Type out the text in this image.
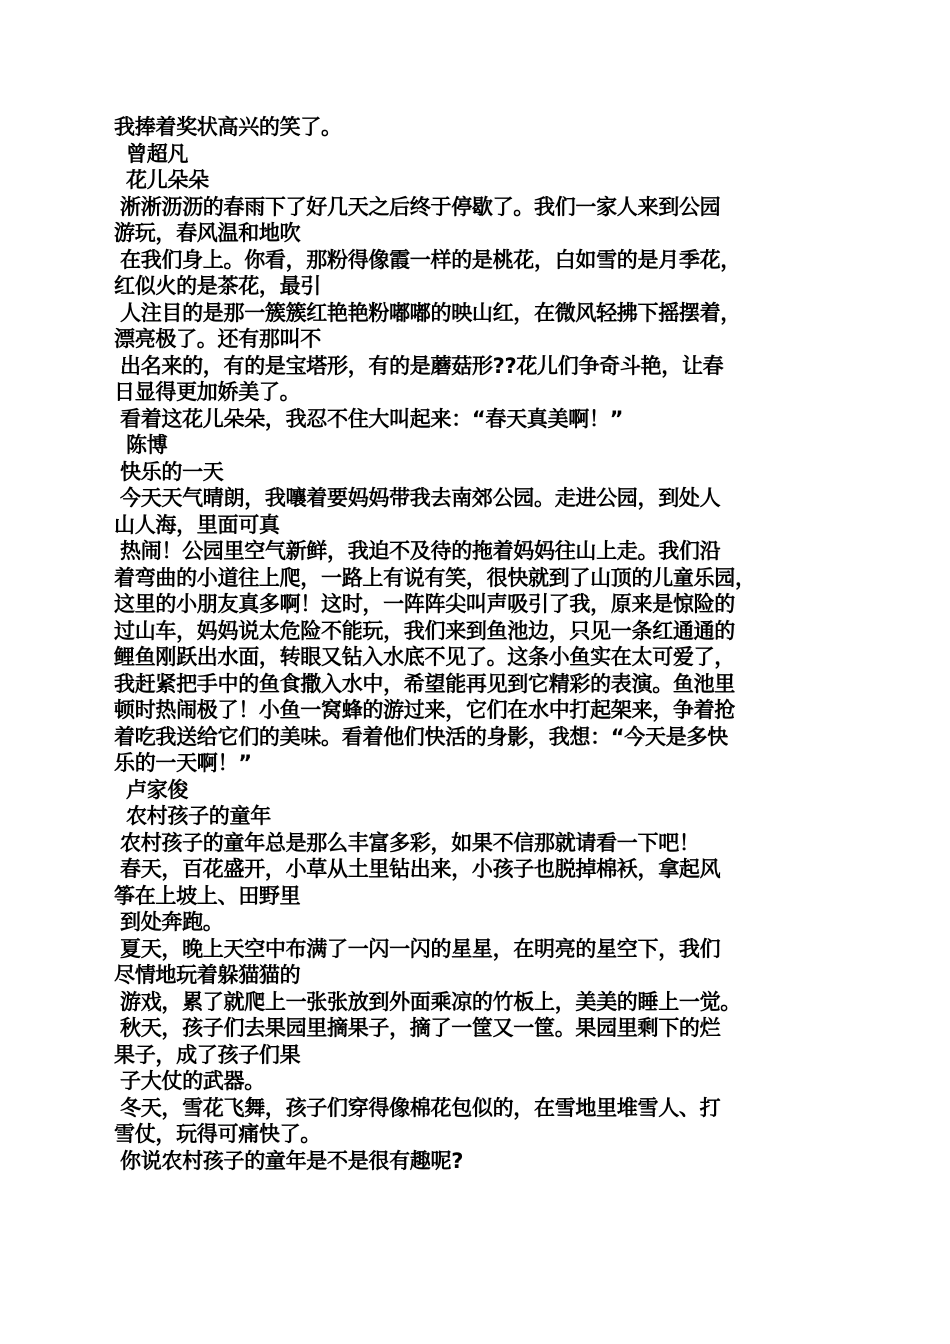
我捧着奖状高兴的笑了。
曾超凡
花儿朵朵
淅淅沥沥的春雨下了好几天之后终于停歇了。我们一家人来到公园
游玩，春风温和地吹
在我们身上。你看，那粉得像霞一样的是桃花，白如雪的是月季花，
红似火的是茶花，最引
人注目的是那一簇簇红艳艳粉嘟嘟的映山红，在微风轻拂下摇摆着，
漂亮极了。还有那叫不
出名来的，有的是宝塔形，有的是蘑菇形??花儿们争奇斗艳，让春
日显得更加娇美了。
看着这花儿朵朵，我忍不住大叫起来：“春天真美啊！”
陈博
快乐的一天
今天天气晴朗，我嚷着要妈妈带我去南郊公园。走进公园，到处人
山人海，里面可真
热闹！公园里空气新鲜，我迫不及待的拖着妈妈往山上走。我们沿
着弯曲的小道往上爬，一路上有说有笑，很快就到了山顶的儿童乐园，
这里的小朋友真多啊！这时，一阵阵尖叫声吸引了我，原来是惊险的
过山车，妈妈说太危险不能玩，我们来到鱼池边，只见一条红通通的
鲤鱼刚跃出水面，转眼又钻入水底不见了。这条小鱼实在太可爱了，
我赶紧把手中的鱼食撒入水中，希望能再见到它精彩的表演。鱼池里
顿时热闹极了！小鱼一窝蜂的游过来，它们在水中打起架来，争着抢
着吃我送给它们的美味。看着他们快活的身影，我想：“今天是多快
乐的一天啊！”
卢家俊
农村孩子的童年
农村孩子的童年总是那么丰富多彩，如果不信那就请看一下吧！
春天，百花盛开，小草从土里钻出来，小孩子也脱掉棉袄，拿起风
筝在上坡上、田野里
到处奔跑。
夏天，晚上天空中布满了一闪一闪的星星，在明亮的星空下，我们
尽情地玩着躲猫猫的
游戏，累了就爬上一张张放到外面乘凉的竹板上，美美的睡上一觉。
秋天，孩子们去果园里摘果子，摘了一筐又一筐。果园里剩下的烂
果子，成了孩子们果
子大仗的武器。
冬天，雪花飞舞，孩子们穿得像棉花包似的，在雪地里堆雪人、打
雪仗，玩得可痛快了。
你说农村孩子的童年是不是很有趣呢?
